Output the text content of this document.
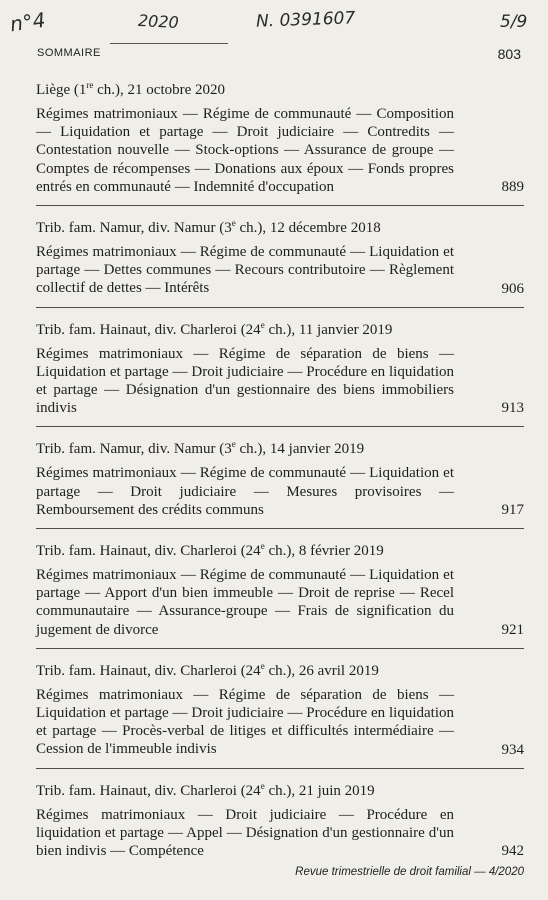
n°4	2020	N. 0391607	5/9
SOMMAIRE	803

Liège (1re ch.), 21 octobre 2020

Régimes matrimoniaux — Régime de communauté — Composition — Liquidation et partage — Droit judiciaire — Contredits — Contestation nouvelle — Stock-options — Assurance de groupe — Comptes de récompenses — Donations aux époux — Fonds propres entrés en communauté — Indemnité d'occupation	889

Trib. fam. Namur, div. Namur (3e ch.), 12 décembre 2018

Régimes matrimoniaux — Régime de communauté — Liquidation et partage — Dettes communes — Recours contributoire — Règlement collectif de dettes — Intérêts	906

Trib. fam. Hainaut, div. Charleroi (24e ch.), 11 janvier 2019

Régimes matrimoniaux — Régime de séparation de biens — Liquidation et partage — Droit judiciaire — Procédure en liquidation et partage — Désignation d'un gestionnaire des biens immobiliers indivis	913

Trib. fam. Namur, div. Namur (3e ch.), 14 janvier 2019

Régimes matrimoniaux — Régime de communauté — Liquidation et partage — Droit judiciaire — Mesures provisoires — Remboursement des crédits communs	917

Trib. fam. Hainaut, div. Charleroi (24e ch.), 8 février 2019

Régimes matrimoniaux — Régime de communauté — Liquidation et partage — Apport d'un bien immeuble — Droit de reprise — Recel communautaire — Assurance-groupe — Frais de signification du jugement de divorce	921

Trib. fam. Hainaut, div. Charleroi (24e ch.), 26 avril 2019

Régimes matrimoniaux — Régime de séparation de biens — Liquidation et partage — Droit judiciaire — Procédure en liquidation et partage — Procès-verbal de litiges et difficultés intermédiaire — Cession de l'immeuble indivis	934

Trib. fam. Hainaut, div. Charleroi (24e ch.), 21 juin 2019

Régimes matrimoniaux — Droit judiciaire — Procédure en liquidation et partage — Appel — Désignation d'un gestionnaire d'un bien indivis — Compétence	942
Revue trimestrielle de droit familial — 4/2020
